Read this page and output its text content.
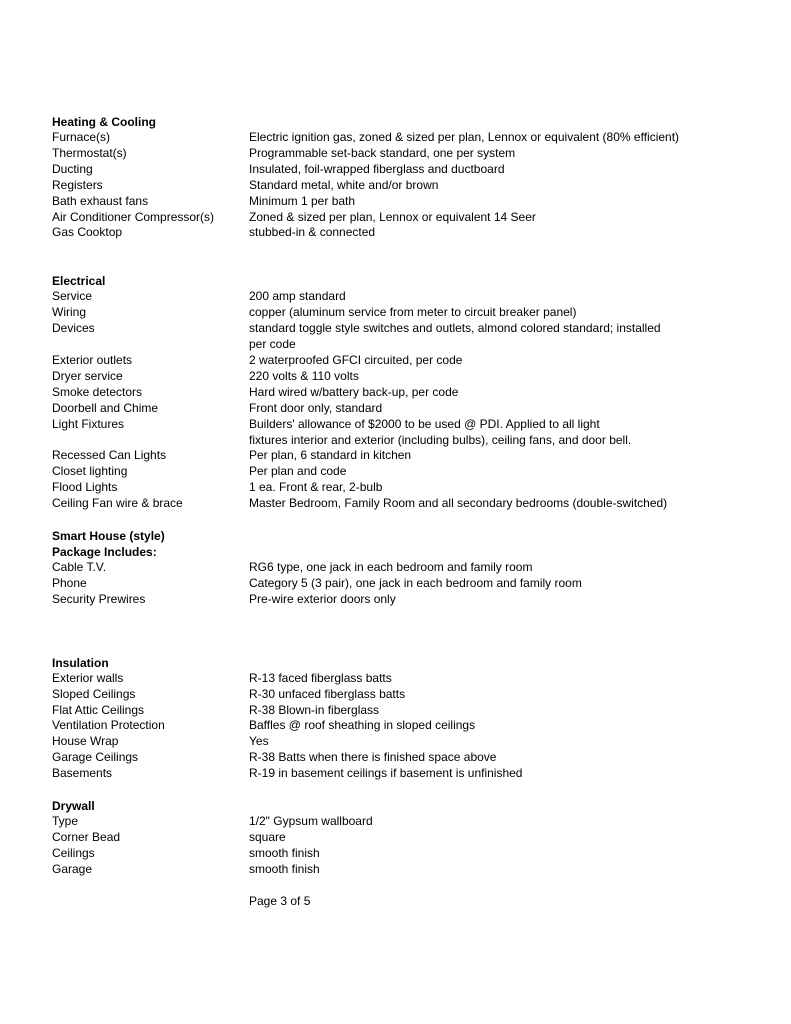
Heating & Cooling
Furnace(s)	Electric ignition gas, zoned & sized per plan, Lennox or equivalent (80% efficient)
Thermostat(s)	Programmable set-back standard, one per system
Ducting	Insulated, foil-wrapped fiberglass and ductboard
Registers	Standard metal, white and/or brown
Bath exhaust fans	Minimum 1 per bath
Air Conditioner Compressor(s)	Zoned & sized per plan, Lennox or equivalent 14 Seer
Gas Cooktop	stubbed-in & connected
Electrical
Service	200 amp standard
Wiring	copper (aluminum service from meter to circuit breaker panel)
Devices	standard toggle style switches and outlets, almond colored standard; installed
per code
Exterior outlets	2 waterproofed GFCI circuited, per code
Dryer service	220 volts & 110 volts
Smoke detectors	Hard wired w/battery back-up, per code
Doorbell and Chime	Front door only, standard
Light Fixtures	Builders' allowance of $2000 to be used @ PDI. Applied to all light
fixtures interior and exterior (including bulbs), ceiling fans, and door bell.
Recessed Can Lights	Per plan, 6 standard in kitchen
Closet lighting	Per plan and code
Flood Lights	1 ea. Front & rear, 2-bulb
Ceiling Fan wire & brace	Master Bedroom, Family Room and all secondary bedrooms (double-switched)
Smart House (style)
Package Includes:
Cable T.V.	RG6 type, one jack in each bedroom and family room
Phone	Category 5 (3 pair), one jack in each bedroom and family room
Security Prewires	Pre-wire exterior doors only
Insulation
Exterior walls	R-13 faced fiberglass batts
Sloped Ceilings	R-30 unfaced fiberglass batts
Flat Attic Ceilings	R-38 Blown-in fiberglass
Ventilation Protection	Baffles @ roof sheathing in sloped ceilings
House Wrap	Yes
Garage Ceilings	R-38 Batts when there is finished space above
Basements	R-19 in basement ceilings if basement is unfinished
Drywall
Type	1/2" Gypsum wallboard
Corner Bead	square
Ceilings	smooth finish
Garage	smooth finish
Page 3 of 5
